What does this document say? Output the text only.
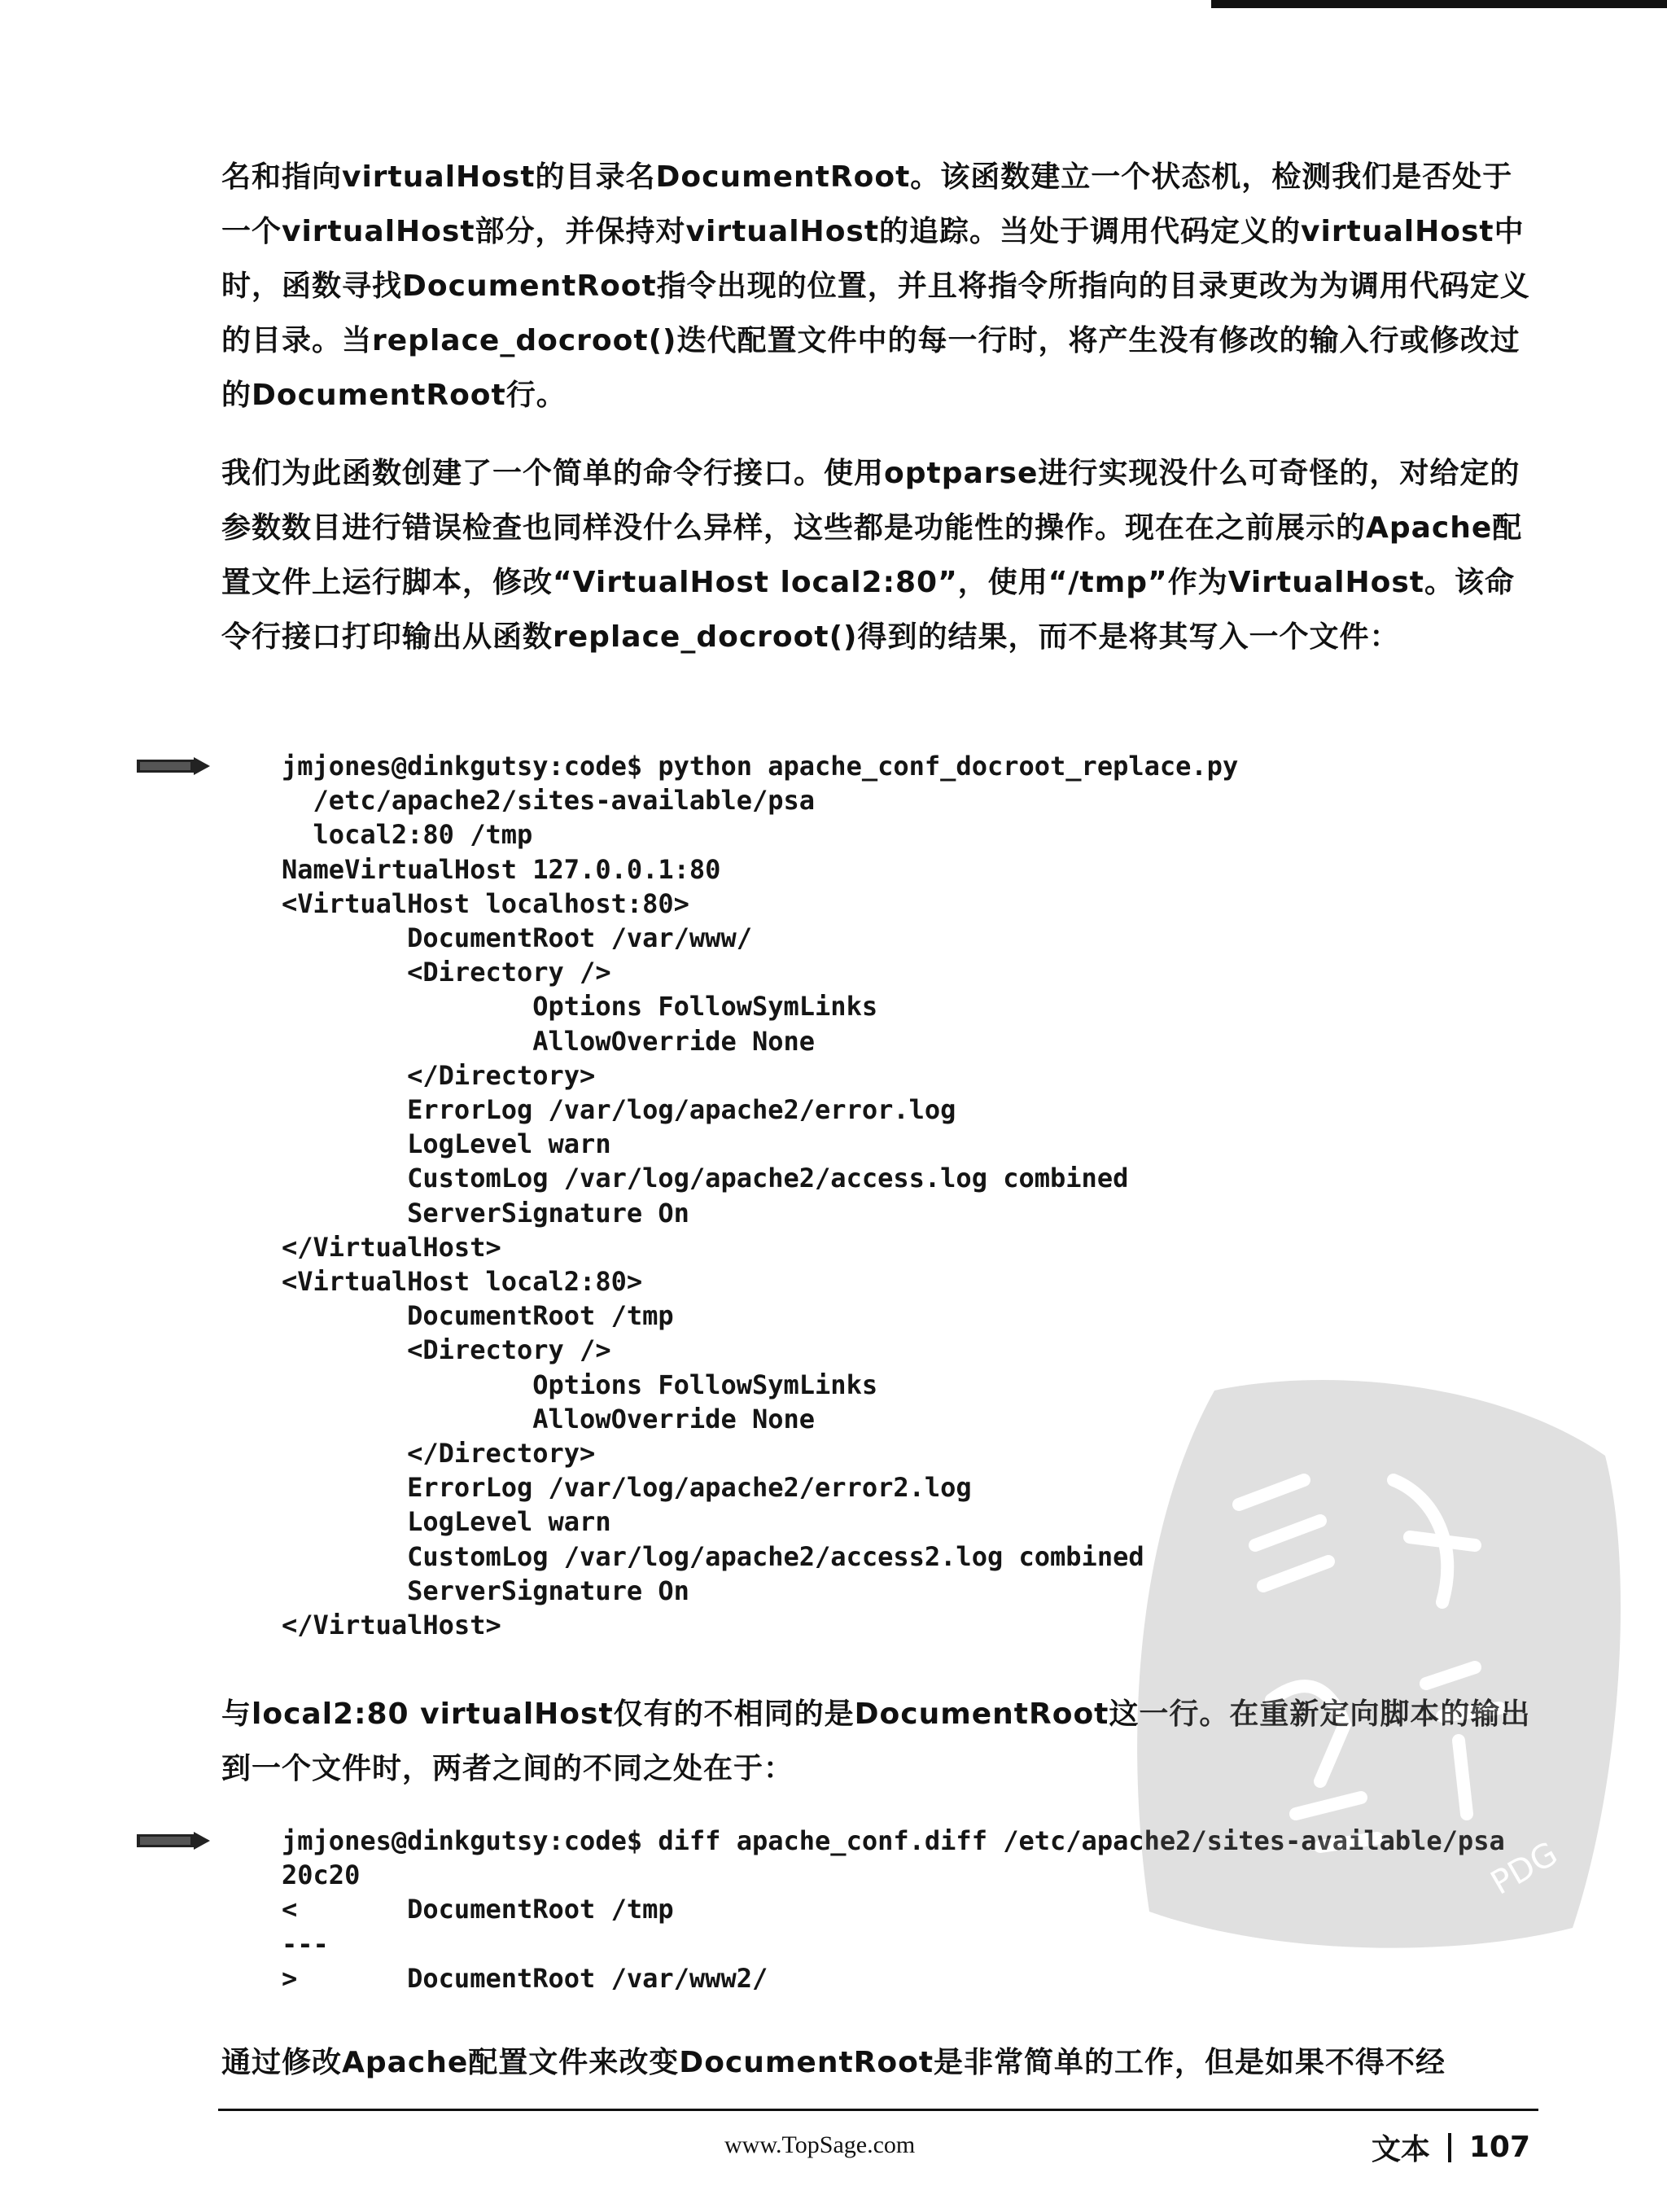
名和指向virtualHost的目录名DocumentRoot。该函数建立一个状态机，检测我们是否处于一个virtualHost部分，并保持对virtualHost的追踪。当处于调用代码定义的virtualHost中时，函数寻找DocumentRoot指令出现的位置，并且将指令所指向的目录更改为为调用代码定义的目录。当replace_docroot()迭代配置文件中的每一行时，将产生没有修改的输入行或修改过的DocumentRoot行。

我们为此函数创建了一个简单的命令行接口。使用optparse进行实现没什么可奇怪的，对给定的参数数目进行错误检查也同样没什么异样，这些都是功能性的操作。现在在之前展示的Apache配置文件上运行脚本，修改“VirtualHost local2:80”，使用“/tmp”作为VirtualHost。该命令行接口打印输出从函数replace_docroot()得到的结果，而不是将其写入一个文件：

jmjones@dinkgutsy:code$ python apache_conf_docroot_replace.py
/etc/apache2/sites-available/psa
local2:80 /tmp
NameVirtualHost 127.0.0.1:80
<VirtualHost localhost:80>
DocumentRoot /var/www/
<Directory />
Options FollowSymLinks
AllowOverride None
</Directory>
ErrorLog /var/log/apache2/error.log
LogLevel warn
CustomLog /var/log/apache2/access.log combined
ServerSignature On
</VirtualHost>
<VirtualHost local2:80>
DocumentRoot /tmp
<Directory />
Options FollowSymLinks
AllowOverride None
</Directory>
ErrorLog /var/log/apache2/error2.log
LogLevel warn
CustomLog /var/log/apache2/access2.log combined
ServerSignature On
</VirtualHost>

与local2:80 virtualHost仅有的不相同的是DocumentRoot这一行。在重新定向脚本的输出到一个文件时，两者之间的不同之处在于：

jmjones@dinkgutsy:code$ diff apache_conf.diff
20c20
<       DocumentRoot /tmp
---
>       DocumentRoot /var/www2/

通过修改Apache配置文件来改变DocumentRoot是非常简单的工作，但是如果不得不经

PDG
www.TopSage.com	文本 107
